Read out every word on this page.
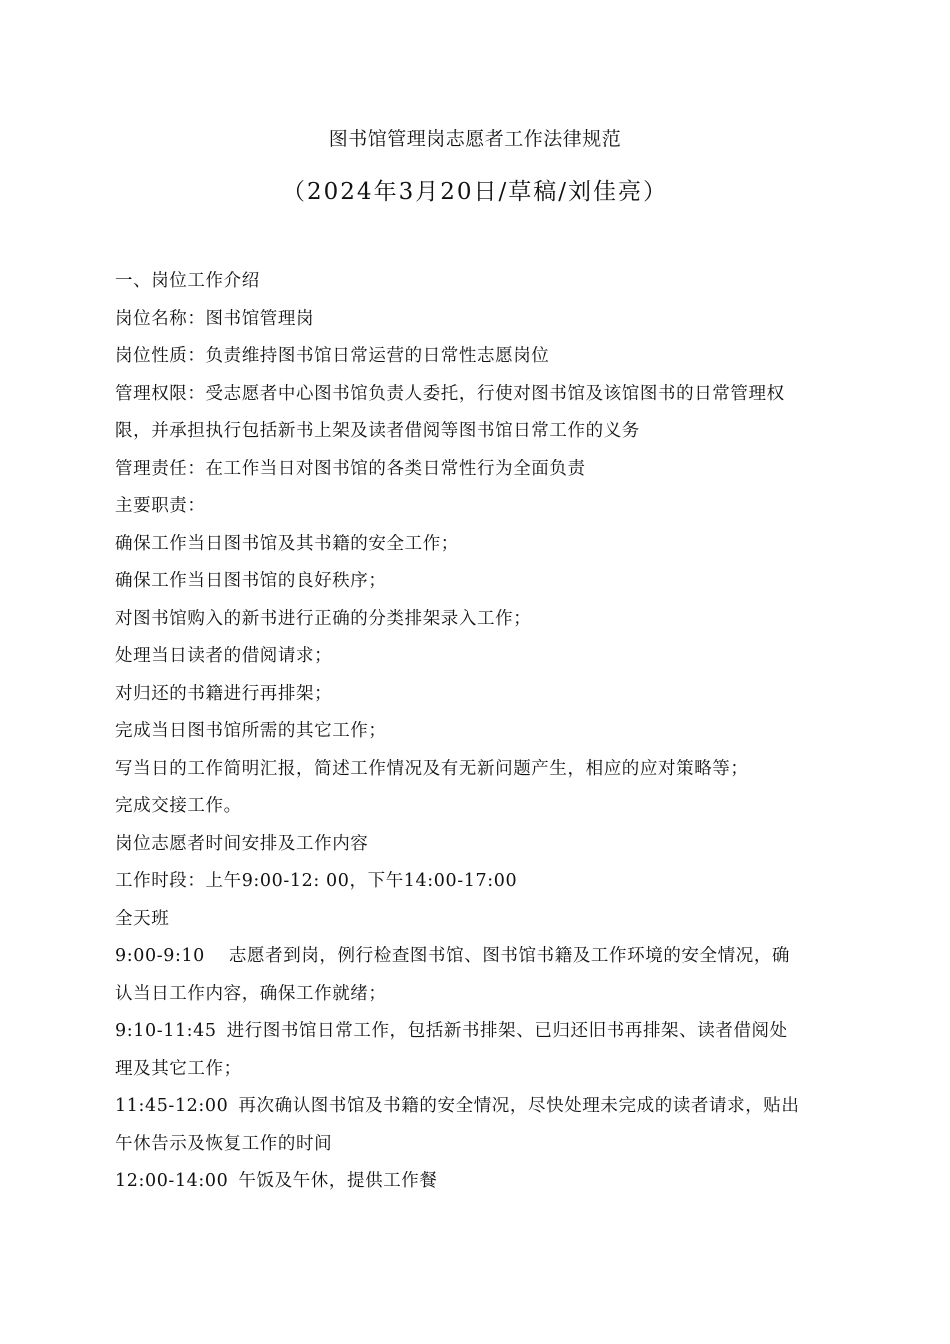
图书馆管理岗志愿者工作法律规范
（2024年3月20日/草稿/刘佳亮）
一、岗位工作介绍
岗位名称：图书馆管理岗
岗位性质：负责维持图书馆日常运营的日常性志愿岗位
管理权限：受志愿者中心图书馆负责人委托，行使对图书馆及该馆图书的日常管理权
限，并承担执行包括新书上架及读者借阅等图书馆日常工作的义务
管理责任：在工作当日对图书馆的各类日常性行为全面负责
主要职责：
确保工作当日图书馆及其书籍的安全工作；
确保工作当日图书馆的良好秩序；
对图书馆购入的新书进行正确的分类排架录入工作；
处理当日读者的借阅请求；
对归还的书籍进行再排架；
完成当日图书馆所需的其它工作；
写当日的工作简明汇报，简述工作情况及有无新问题产生，相应的应对策略等；
完成交接工作。
岗位志愿者时间安排及工作内容
工作时段：上午9:00-12: 00，下午14:00-17:00
全天班
9:00-9:10 志愿者到岗，例行检查图书馆、图书馆书籍及工作环境的安全情况，确
认当日工作内容，确保工作就绪；
9:10-11:45 进行图书馆日常工作，包括新书排架、已归还旧书再排架、读者借阅处
理及其它工作；
11:45-12:00 再次确认图书馆及书籍的安全情况，尽快处理未完成的读者请求，贴出
午休告示及恢复工作的时间
12:00-14:00 午饭及午休，提供工作餐
